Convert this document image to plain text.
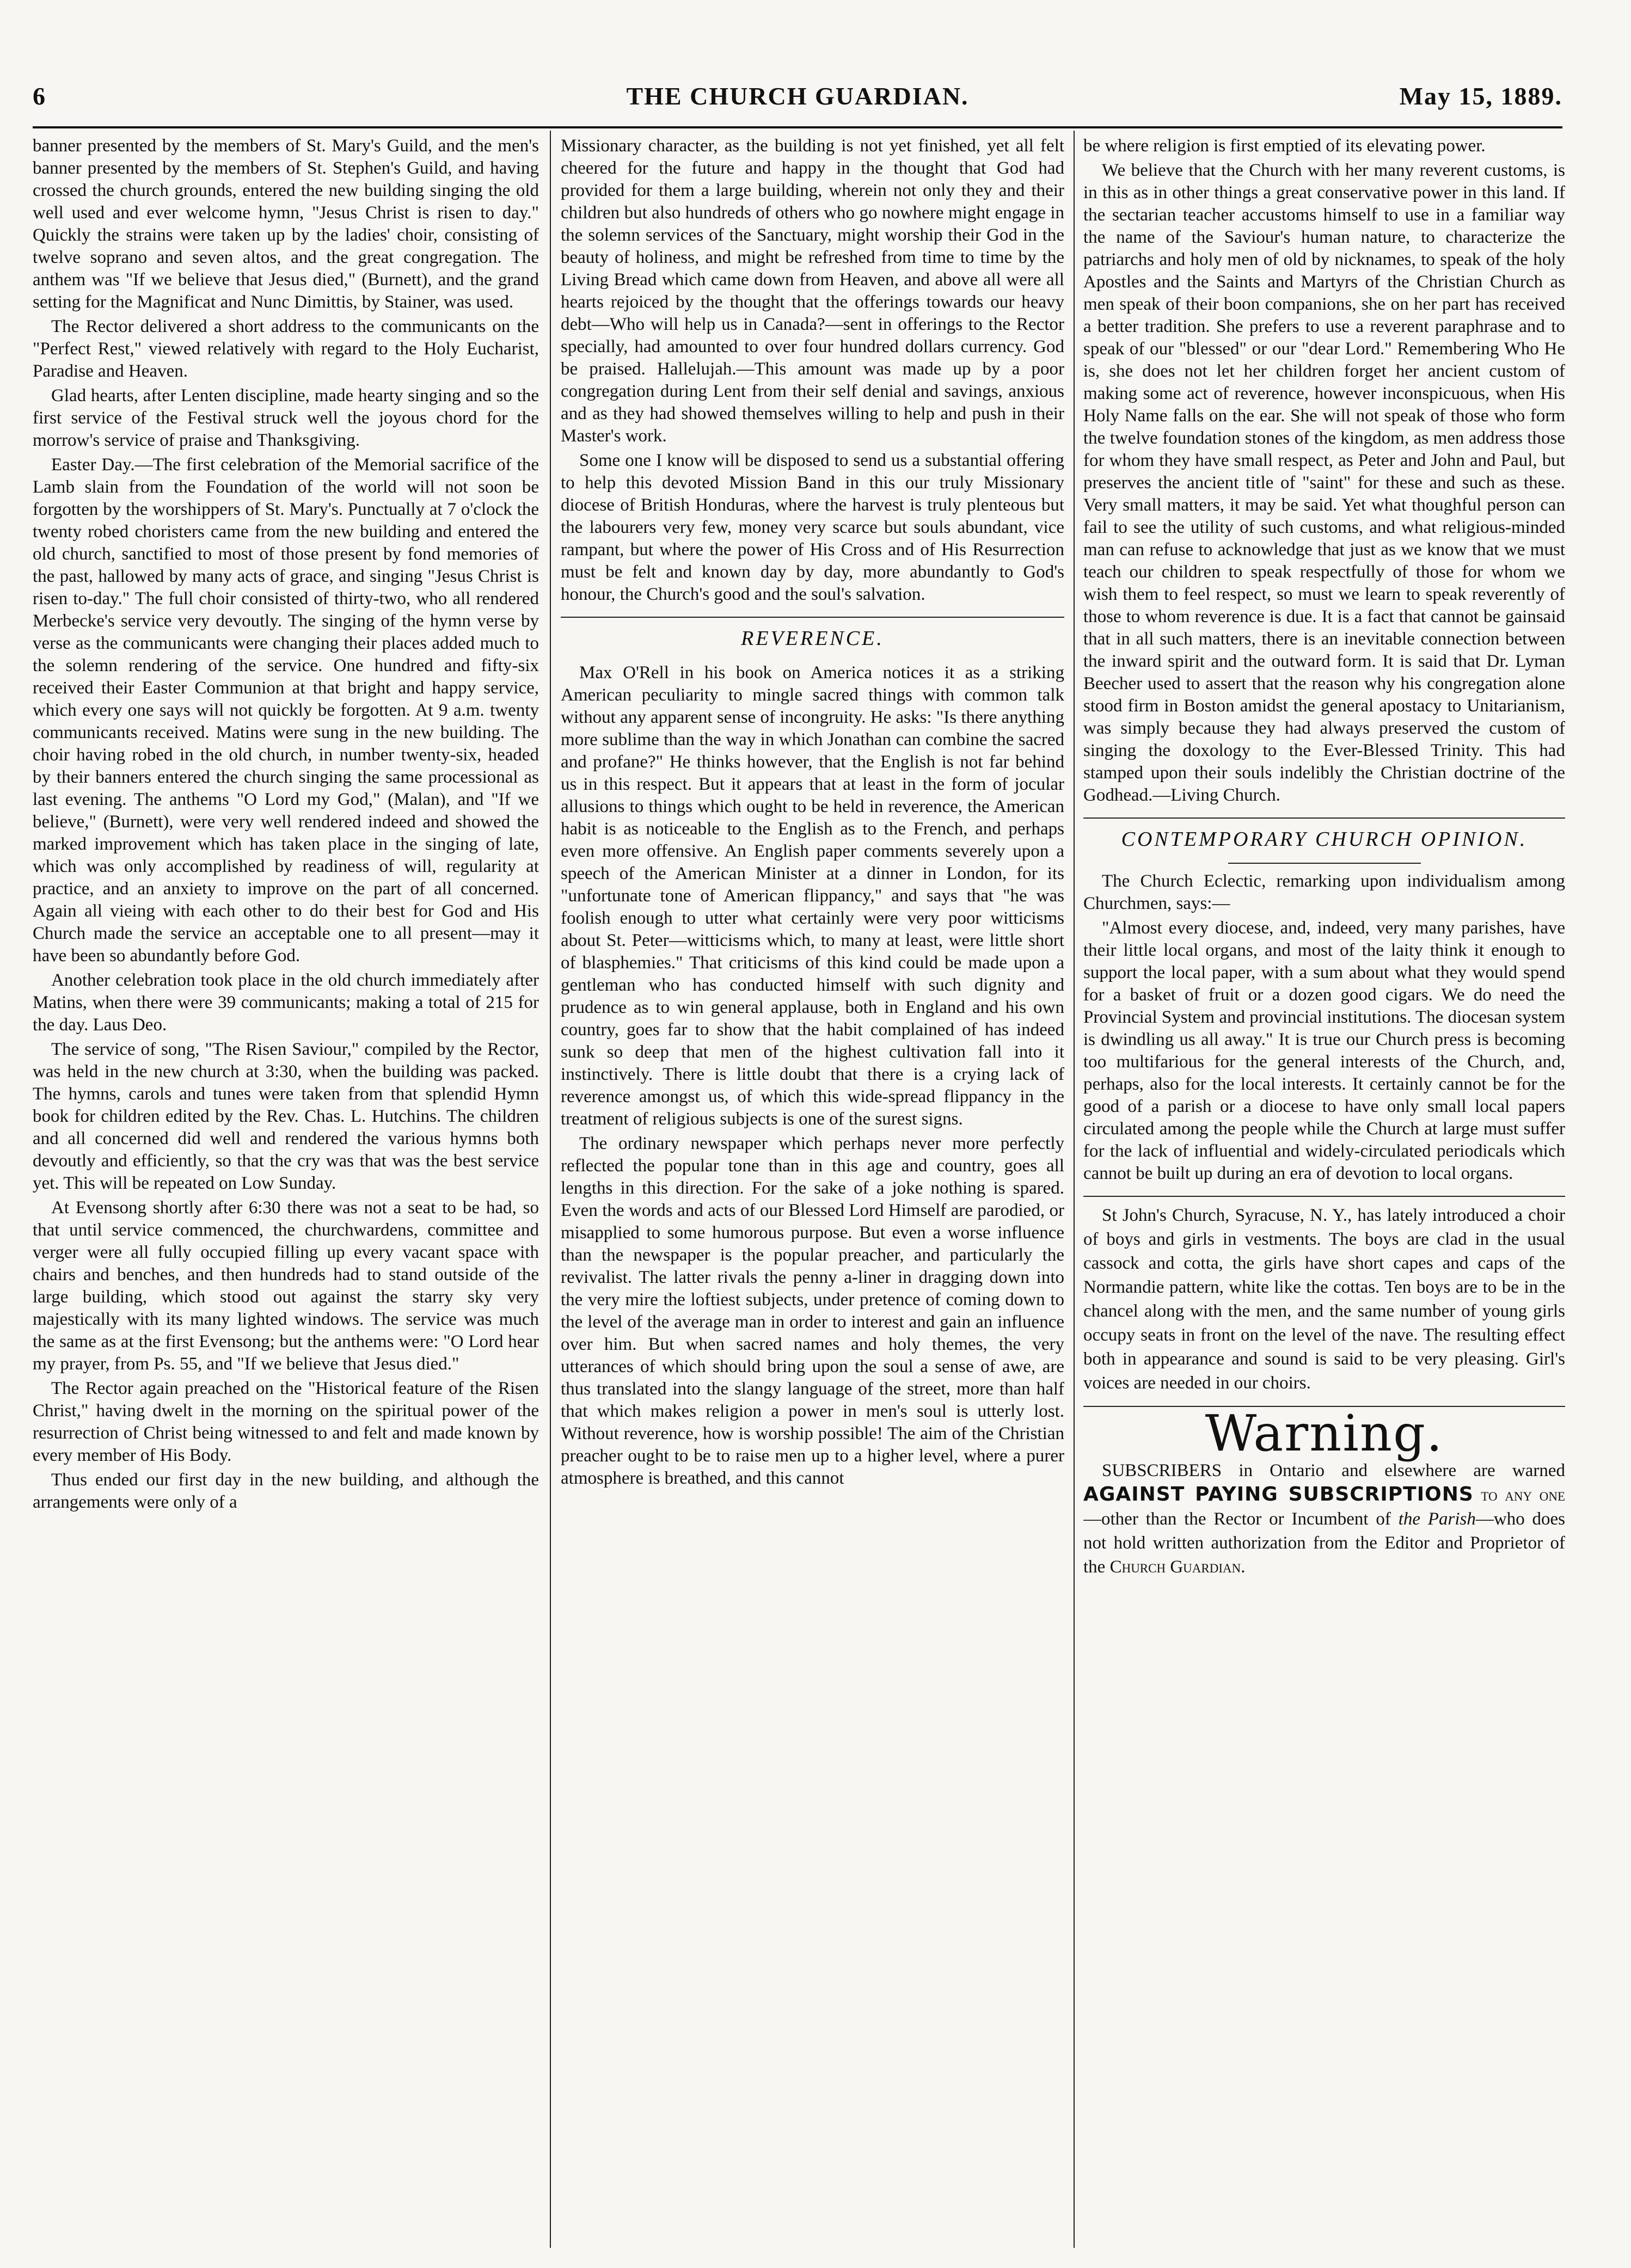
6	THE CHURCH GUARDIAN.	May 15, 1889.

banner presented by the members of St. Mary's Guild, and the men's banner presented by the members of St. Stephen's Guild, and having crossed the church grounds, entered the new building singing the old well used and ever welcome hymn, "Jesus Christ is risen to day." Quickly the strains were taken up by the ladies' choir, consisting of twelve soprano and seven altos, and the great congregation. The anthem was "If we believe that Jesus died," (Burnett), and the grand setting for the Magnificat and Nunc Dimittis, by Stainer, was used.

The Rector delivered a short address to the communicants on the "Perfect Rest," viewed relatively with regard to the Holy Eucharist, Paradise and Heaven.

Glad hearts, after Lenten discipline, made hearty singing and so the first service of the Festival struck well the joyous chord for the morrow's service of praise and Thanksgiving.

Easter Day.—The first celebration of the Memorial sacrifice of the Lamb slain from the Foundation of the world will not soon be forgotten by the worshippers of St. Mary's. Punctually at 7 o'clock the twenty robed choristers came from the new building and entered the old church, sanctified to most of those present by fond memories of the past, hallowed by many acts of grace, and singing "Jesus Christ is risen to-day." The full choir consisted of thirty-two, who all rendered Merbecke's service very devoutly. The singing of the hymn verse by verse as the communicants were changing their places added much to the solemn rendering of the service. One hundred and fifty-six received their Easter Communion at that bright and happy service, which every one says will not quickly be forgotten. At 9 a.m. twenty communicants received. Matins were sung in the new building. The choir having robed in the old church, in number twenty-six, headed by their banners entered the church singing the same processional as last evening. The anthems "O Lord my God," (Malan), and "If we believe," (Burnett), were very well rendered indeed and showed the marked improvement which has taken place in the singing of late, which was only accomplished by readiness of will, regularity at practice, and an anxiety to improve on the part of all concerned. Again all vieing with each other to do their best for God and His Church made the service an acceptable one to all present—may it have been so abundantly before God.

Another celebration took place in the old church immediately after Matins, when there were 39 communicants; making a total of 215 for the day. Laus Deo.

The service of song, "The Risen Saviour," compiled by the Rector, was held in the new church at 3:30, when the building was packed. The hymns, carols and tunes were taken from that splendid Hymn book for children edited by the Rev. Chas. L. Hutchins. The children and all concerned did well and rendered the various hymns both devoutly and efficiently, so that the cry was that was the best service yet. This will be repeated on Low Sunday.

At Evensong shortly after 6:30 there was not a seat to be had, so that until service commenced, the churchwardens, committee and verger were all fully occupied filling up every vacant space with chairs and benches, and then hundreds had to stand outside of the large building, which stood out against the starry sky very majestically with its many lighted windows. The service was much the same as at the first Evensong; but the anthems were: "O Lord hear my prayer, from Ps. 55, and "If we believe that Jesus died."

The Rector again preached on the "Historical feature of the Risen Christ," having dwelt in the morning on the spiritual power of the resurrection of Christ being witnessed to and felt and made known by every member of His Body.

Thus ended our first day in the new building, and although the arrangements were only of a

Missionary character, as the building is not yet finished, yet all felt cheered for the future and happy in the thought that God had provided for them a large building, wherein not only they and their children but also hundreds of others who go nowhere might engage in the solemn services of the Sanctuary, might worship their God in the beauty of holiness, and might be refreshed from time to time by the Living Bread which came down from Heaven, and above all were all hearts rejoiced by the thought that the offerings towards our heavy debt—Who will help us in Canada?—sent in offerings to the Rector specially, had amounted to over four hundred dollars currency. God be praised. Hallelujah.—This amount was made up by a poor congregation during Lent from their self denial and savings, anxious and as they had showed themselves willing to help and push in their Master's work.

Some one I know will be disposed to send us a substantial offering to help this devoted Mission Band in this our truly Missionary diocese of British Honduras, where the harvest is truly plenteous but the labourers very few, money very scarce but souls abundant, vice rampant, but where the power of His Cross and of His Resurrection must be felt and known day by day, more abundantly to God's honour, the Church's good and the soul's salvation.

REVERENCE.

Max O'Rell in his book on America notices it as a striking American peculiarity to mingle sacred things with common talk without any apparent sense of incongruity. He asks: "Is there anything more sublime than the way in which Jonathan can combine the sacred and profane?" He thinks however, that the English is not far behind us in this respect. But it appears that at least in the form of jocular allusions to things which ought to be held in reverence, the American habit is as noticeable to the English as to the French, and perhaps even more offensive. An English paper comments severely upon a speech of the American Minister at a dinner in London, for its "unfortunate tone of American flippancy," and says that "he was foolish enough to utter what certainly were very poor witticisms about St. Peter—witticisms which, to many at least, were little short of blasphemies." That criticisms of this kind could be made upon a gentleman who has conducted himself with such dignity and prudence as to win general applause, both in England and his own country, goes far to show that the habit complained of has indeed sunk so deep that men of the highest cultivation fall into it instinctively. There is little doubt that there is a crying lack of reverence amongst us, of which this wide-spread flippancy in the treatment of religious subjects is one of the surest signs.

The ordinary newspaper which perhaps never more perfectly reflected the popular tone than in this age and country, goes all lengths in this direction. For the sake of a joke nothing is spared. Even the words and acts of our Blessed Lord Himself are parodied, or misapplied to some humorous purpose. But even a worse influence than the newspaper is the popular preacher, and particularly the revivalist. The latter rivals the penny a-liner in dragging down into the very mire the loftiest subjects, under pretence of coming down to the level of the average man in order to interest and gain an influence over him. But when sacred names and holy themes, the very utterances of which should bring upon the soul a sense of awe, are thus translated into the slangy language of the street, more than half that which makes religion a power in men's soul is utterly lost. Without reverence, how is worship possible! The aim of the Christian preacher ought to be to raise men up to a higher level, where a purer atmosphere is breathed, and this cannot

be where religion is first emptied of its elevating power.

We believe that the Church with her many reverent customs, is in this as in other things a great conservative power in this land. If the sectarian teacher accustoms himself to use in a familiar way the name of the Saviour's human nature, to characterize the patriarchs and holy men of old by nicknames, to speak of the holy Apostles and the Saints and Martyrs of the Christian Church as men speak of their boon companions, she on her part has received a better tradition. She prefers to use a reverent paraphrase and to speak of our "blessed" or our "dear Lord." Remembering Who He is, she does not let her children forget her ancient custom of making some act of reverence, however inconspicuous, when His Holy Name falls on the ear. She will not speak of those who form the twelve foundation stones of the kingdom, as men address those for whom they have small respect, as Peter and John and Paul, but preserves the ancient title of "saint" for these and such as these. Very small matters, it may be said. Yet what thoughful person can fail to see the utility of such customs, and what religious-minded man can refuse to acknowledge that just as we know that we must teach our children to speak respectfully of those for whom we wish them to feel respect, so must we learn to speak reverently of those to whom reverence is due. It is a fact that cannot be gainsaid that in all such matters, there is an inevitable connection between the inward spirit and the outward form. It is said that Dr. Lyman Beecher used to assert that the reason why his congregation alone stood firm in Boston amidst the general apostacy to Unitarianism, was simply because they had always preserved the custom of singing the doxology to the Ever-Blessed Trinity. This had stamped upon their souls indelibly the Christian doctrine of the Godhead.—Living Church.

CONTEMPORARY CHURCH OPINION.

The Church Eclectic, remarking upon individualism among Churchmen, says:—

"Almost every diocese, and, indeed, very many parishes, have their little local organs, and most of the laity think it enough to support the local paper, with a sum about what they would spend for a basket of fruit or a dozen good cigars. We do need the Provincial System and provincial institutions. The diocesan system is dwindling us all away." It is true our Church press is becoming too multifarious for the general interests of the Church, and, perhaps, also for the local interests. It certainly cannot be for the good of a parish or a diocese to have only small local papers circulated among the people while the Church at large must suffer for the lack of influential and widely-circulated periodicals which cannot be built up during an era of devotion to local organs.

St John's Church, Syracuse, N. Y., has lately introduced a choir of boys and girls in vestments. The boys are clad in the usual cassock and cotta, the girls have short capes and caps of the Normandie pattern, white like the cottas. Ten boys are to be in the chancel along with the men, and the same number of young girls occupy seats in front on the level of the nave. The resulting effect both in appearance and sound is said to be very pleasing. Girl's voices are needed in our choirs.

Warning.

SUBSCRIBERS in Ontario and elsewhere are warned AGAINST PAYING SUBSCRIPTIONS to any one—other than the Rector or Incumbent of the Parish—who does not hold written authorization from the Editor and Proprietor of the Church Guardian.
